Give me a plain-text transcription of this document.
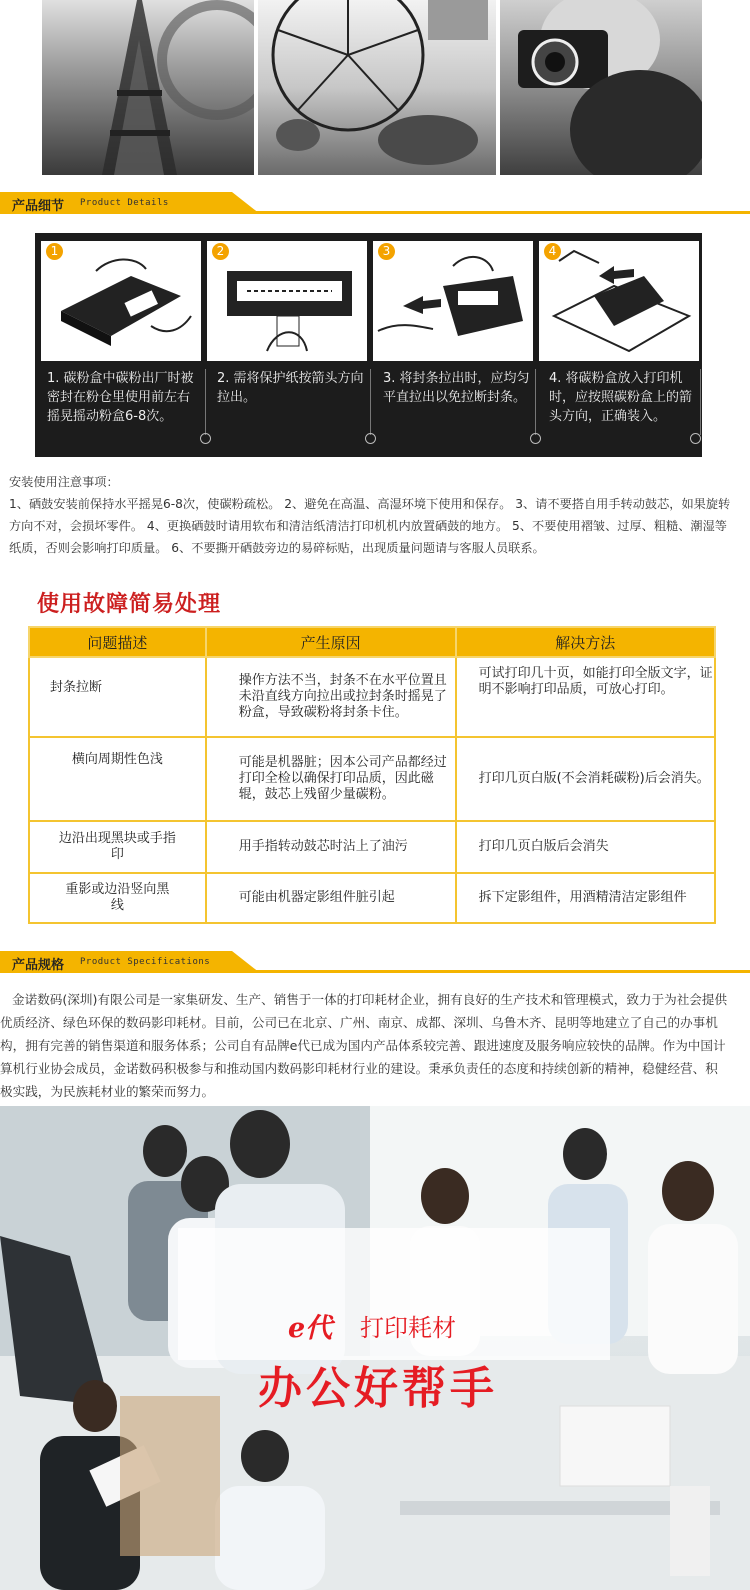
产品细节 Product Details
1	2	3	4
1. 碳粉盒中碳粉出厂时被密封在粉仓里使用前左右摇晃摇动粉盒6-8次。
2. 需将保护纸按箭头方向拉出。
3. 将封条拉出时，应均匀平直拉出以免拉断封条。
4. 将碳粉盒放入打印机时，应按照碳粉盒上的箭头方向，正确装入。
安装使用注意事项：
1、硒鼓安装前保持水平摇晃6-8次，使碳粉疏松。 2、避免在高温、高湿环境下使用和保存。 3、请不要搭自用手转动鼓芯，如果旋转方向不对，会损坏零件。 4、更换硒鼓时请用软布和清洁纸清洁打印机机内放置硒鼓的地方。 5、不要使用褶皱、过厚、粗糙、潮湿等纸质，否则会影响打印质量。 6、不要撕开硒鼓旁边的易碎标贴，出现质量问题请与客服人员联系。
使用故障简易处理
问题描述	产生原因	解决方法
封条拉断	操作方法不当，封条不在水平位置且未沿直线方向拉出或拉封条时摇晃了粉盒，导致碳粉将封条卡住。	可试打印几十页，如能打印全版文字，证明不影响打印品质，可放心打印。
横向周期性色浅	可能是机器脏；因本公司产品都经过打印全检以确保打印品质，因此磁辊，鼓芯上残留少量碳粉。	打印几页白版(不会消耗碳粉)后会消失。
边沿出现黑块或手指印	用手指转动鼓芯时沾上了油污	打印几页白版后会消失
重影或边沿竖向黑线	可能由机器定影组件脏引起	拆下定影组件，用酒精清洁定影组件
产品规格 Product Specifications
金诺数码(深圳)有限公司是一家集研发、生产、销售于一体的打印耗材企业，拥有良好的生产技术和管理模式，致力于为社会提供优质经济、绿色环保的数码影印耗材。目前，公司已在北京、广州、南京、成都、深圳、乌鲁木齐、昆明等地建立了自己的办事机构，拥有完善的销售渠道和服务体系；公司自有品牌e代已成为国内产品体系较完善、跟进速度及服务响应较快的品牌。作为中国计算机行业协会成员，金诺数码积极参与和推动国内数码影印耗材行业的建设。秉承负责任的态度和持续创新的精神，稳健经营、积极实践，为民族耗材业的繁荣而努力。
e代 打印耗材
办公好帮手
